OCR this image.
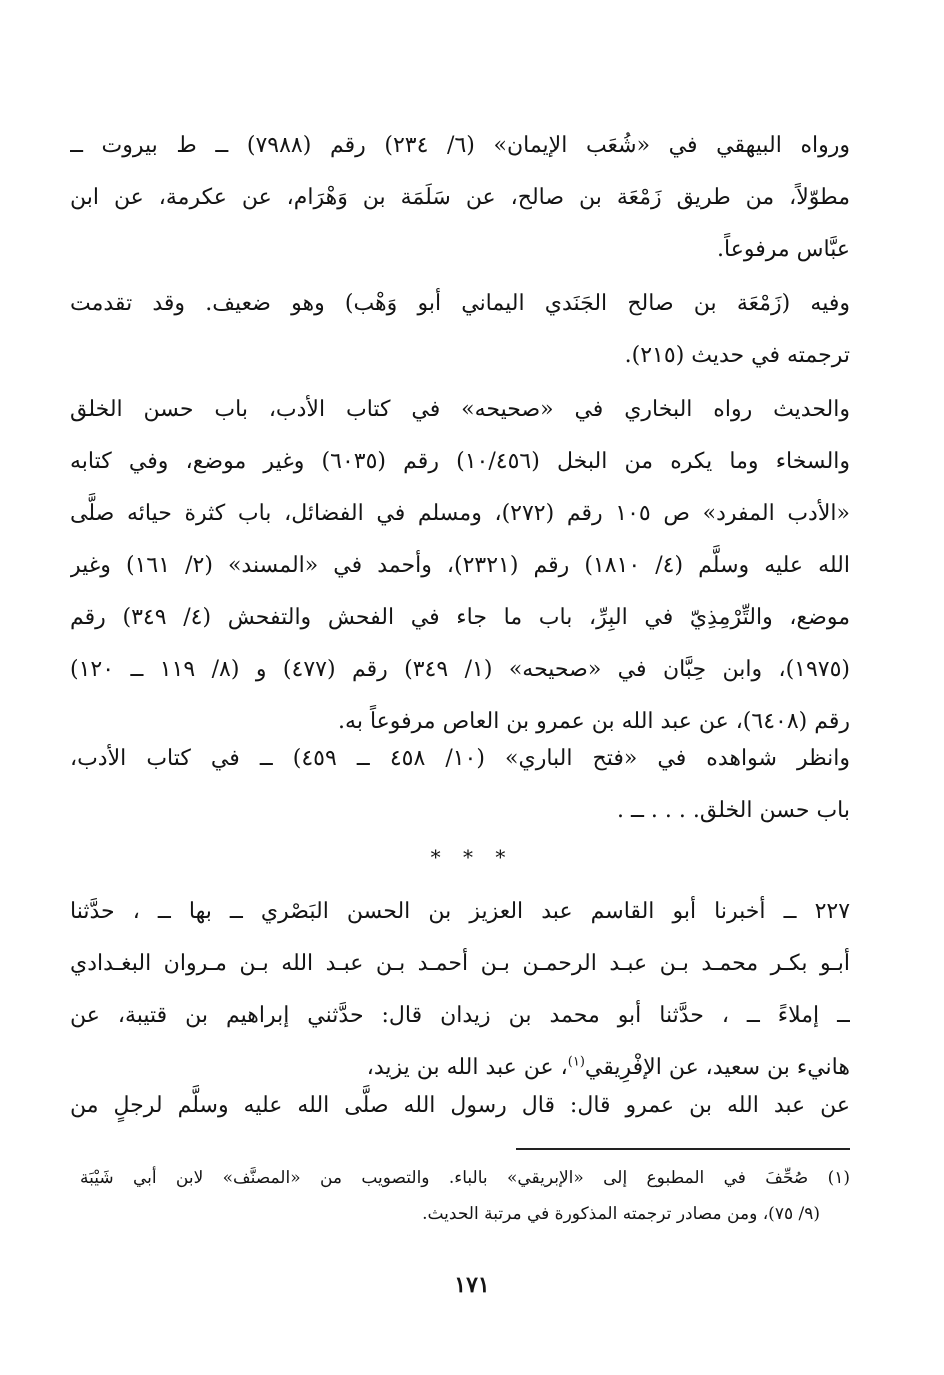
ورواه البيهقي في «شُعَب الإيمان» (٦/ ٢٣٤) رقم (٧٩٨٨) ــ ط بيروت ــ
مطوّلاً، من طريق زَمْعَة بن صالح، عن سَلَمَة بن وَهْرَام، عن عكرمة، عن ابن
عبَّاس مرفوعاً.
وفيه (زَمْعَة بن صالح الجَنَدي اليماني أبو وَهْب) وهو ضعيف. وقد تقدمت
ترجمته في حديث (٢١٥).
والحديث رواه البخاري في «صحيحه» في كتاب الأدب، باب حسن الخلق
والسخاء وما يكره من البخل (١٠/٤٥٦) رقم (٦٠٣٥) وغير موضع، وفي كتابه
«الأدب المفرد» ص ١٠٥ رقم (٢٧٢)، ومسلم في الفضائل، باب كثرة حيائه صلَّى
الله عليه وسلَّم (٤/ ١٨١٠) رقم (٢٣٢١)، وأحمد في «المسند» (٢/ ١٦١) وغير
موضع، والتِّرْمِذِيّ في البِرِّ، باب ما جاء في الفحش والتفحش (٤/ ٣٤٩) رقم
(١٩٧٥)، وابن حِبَّان في «صحيحه» (١/ ٣٤٩) رقم (٤٧٧) و (٨/ ١١٩ ــ ١٢٠)
رقم (٦٤٠٨)، عن عبد الله بن عمرو بن العاص مرفوعاً به.
وانظر شواهده في «فتح الباري» (١٠/ ٤٥٨ ــ ٤٥٩) ــ في كتاب الأدب،
باب حسن الخلق. . . . ــ .
* * *
٢٢٧ ــ أخبرنا أبو القاسم عبد العزيز بن الحسن البَصْري ــ بها ــ ، حدَّثنا
أبـو بكـر محمـد بـن عبـد الرحمـن بـن أحمـد بـن عبـد الله بـن مـروان البغـدادي
ــ إملاءً ــ ، حدَّثنا أبو محمد بن زيدان قال: حدَّثني إبراهيم بن قتيبة، عن
هانيء بن سعيد، عن الإفْرِيقي$^{(١)}$، عن عبد الله بن يزيد،
عن عبد الله بن عمرو قال: قال رسول الله صلَّى الله عليه وسلَّم لرجلٍ من
(١) صُحِّفَ في المطبوع إلى «الإبريقي» بالباء. والتصويب من «المصنَّف» لابن أبي شَيْبَة
(٩/ ٧٥)، ومن مصادر ترجمته المذكورة في مرتبة الحديث.
١٧١
